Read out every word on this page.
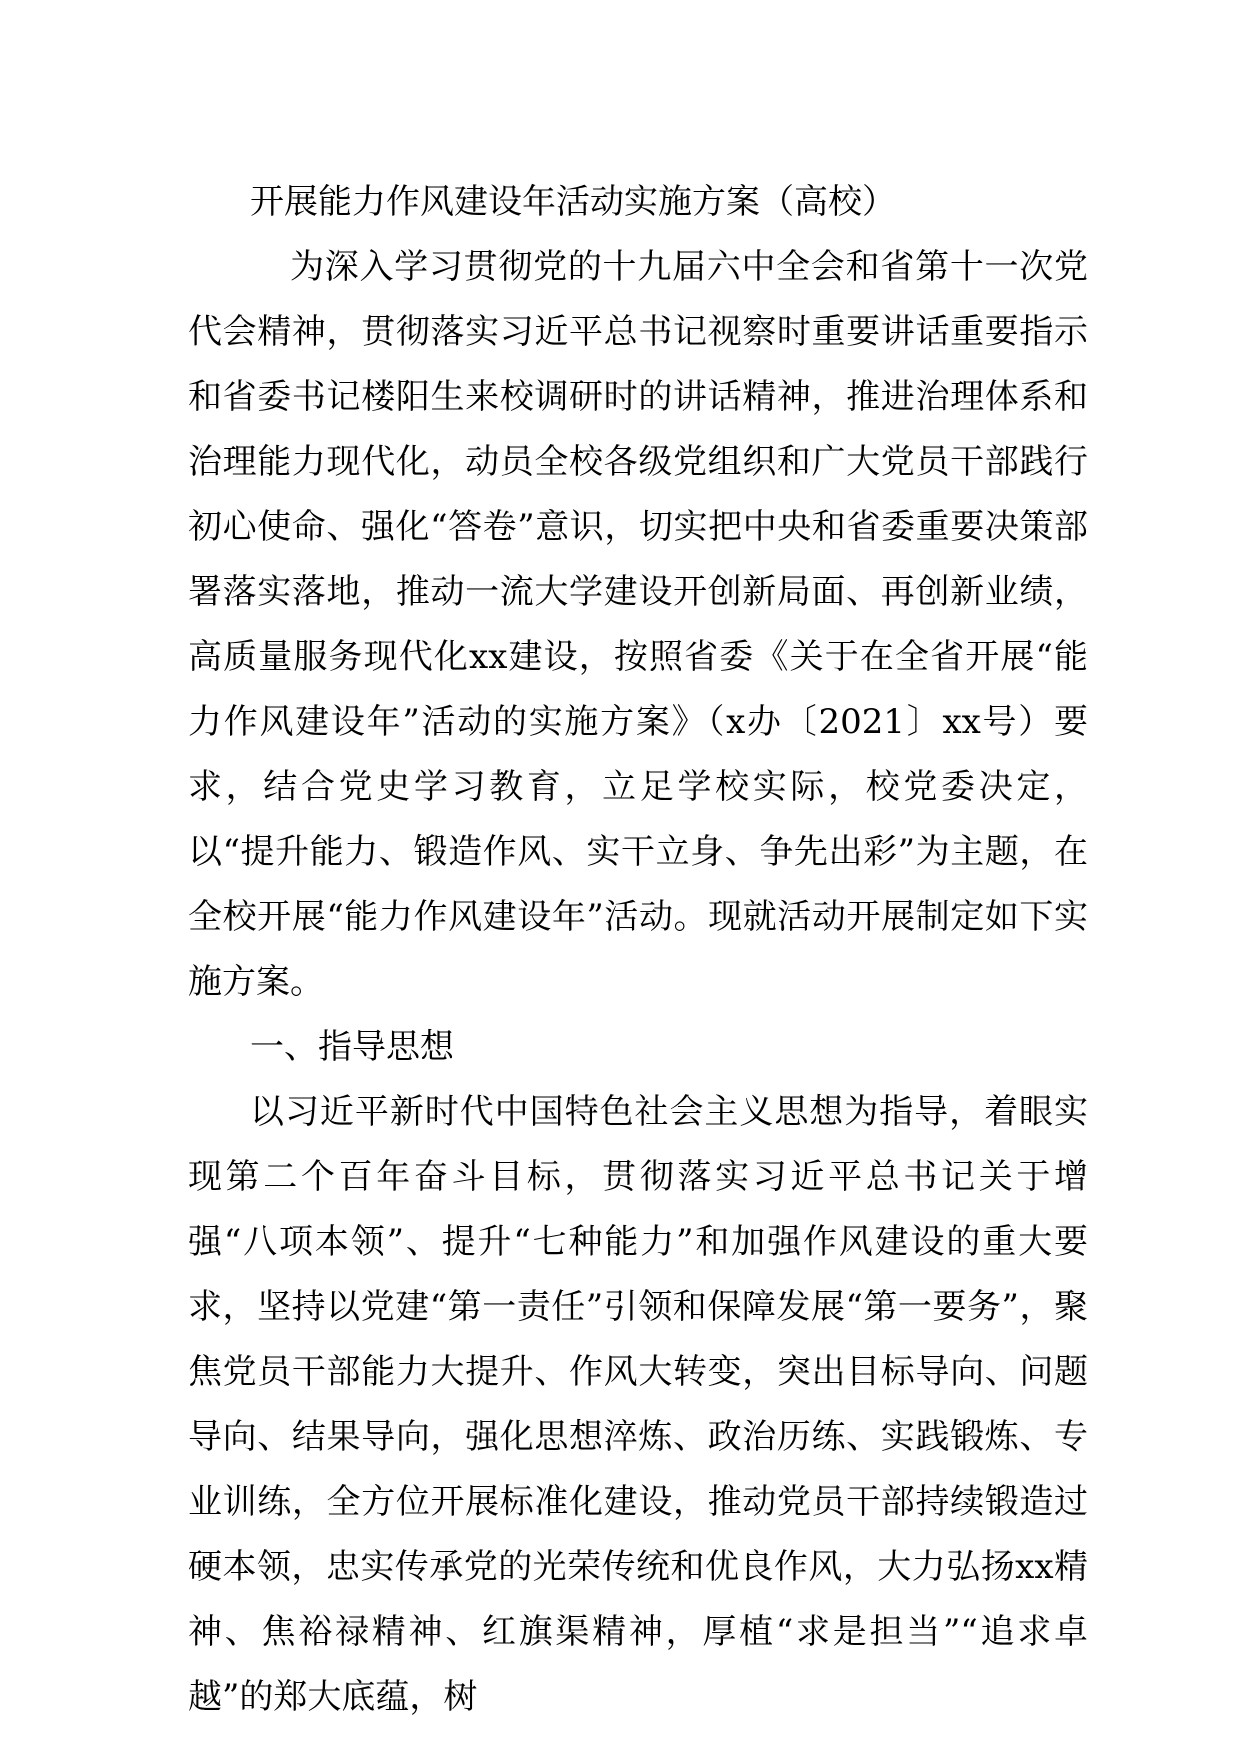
开展能力作风建设年活动实施方案（高校）

为深入学习贯彻党的十九届六中全会和省第十一次党代会精神，贯彻落实习近平总书记视察时重要讲话重要指示和省委书记楼阳生来校调研时的讲话精神，推进治理体系和治理能力现代化，动员全校各级党组织和广大党员干部践行初心使命、强化“答卷”意识，切实把中央和省委重要决策部署落实落地，推动一流大学建设开创新局面、再创新业绩，高质量服务现代化xx建设，按照省委《关于在全省开展“能力作风建设年”活动的实施方案》（x办〔2021〕xx号）要求，结合党史学习教育，立足学校实际，校党委决定，以“提升能力、锻造作风、实干立身、争先出彩”为主题，在全校开展“能力作风建设年”活动。现就活动开展制定如下实施方案。

一、指导思想

以习近平新时代中国特色社会主义思想为指导，着眼实现第二个百年奋斗目标，贯彻落实习近平总书记关于增强“八项本领”、提升“七种能力”和加强作风建设的重大要求，坚持以党建“第一责任”引领和保障发展“第一要务”，聚焦党员干部能力大提升、作风大转变，突出目标导向、问题导向、结果导向，强化思想淬炼、政治历练、实践锻炼、专业训练，全方位开展标准化建设，推动党员干部持续锻造过硬本领，忠实传承党的光荣传统和优良作风，大力弘扬xx精神、焦裕禄精神、红旗渠精神，厚植“求是担当”“追求卓越”的郑大底蕴，树
